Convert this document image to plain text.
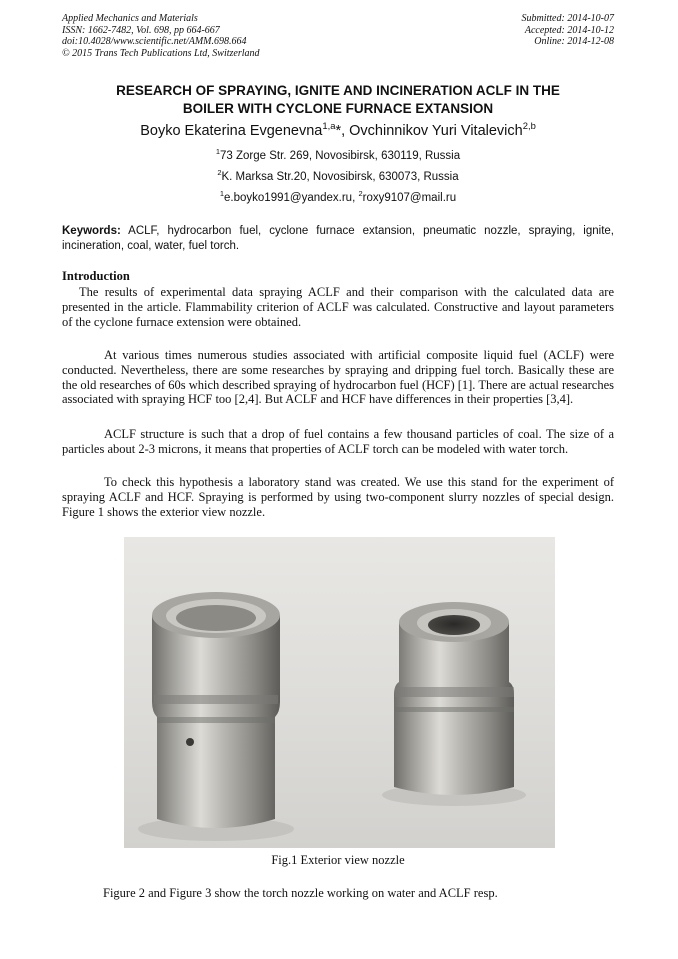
Applied Mechanics and Materials
ISSN: 1662-7482, Vol. 698, pp 664-667
doi:10.4028/www.scientific.net/AMM.698.664
© 2015 Trans Tech Publications Ltd, Switzerland
Submitted: 2014-10-07
Accepted: 2014-10-12
Online: 2014-12-08
RESEARCH OF SPRAYING, IGNITE AND INCINERATION ACLF IN THE
BOILER WITH CYCLONE FURNACE EXTANSION
Boyko Ekaterina Evgenevna$^{1,a}$*, Ovchinnikov Yuri Vitalevich$^{2,b}$
$^1$73 Zorge Str. 269, Novosibirsk, 630119, Russia
$^2$K. Marksa Str.20, Novosibirsk, 630073, Russia
$^1$e.boyko1991@yandex.ru, $^2$roxy9107@mail.ru
Keywords: ACLF, hydrocarbon fuel, cyclone furnace extansion, pneumatic nozzle, spraying, ignite, incineration, coal, water, fuel torch.
Introduction
The results of experimental data spraying ACLF and their comparison with the calculated data are presented in the article. Flammability criterion of ACLF was calculated. Constructive and layout parameters of the cyclone furnace extension were obtained.
At various times numerous studies associated with artificial composite liquid fuel (ACLF) were conducted. Nevertheless, there are some researches by spraying and dripping fuel torch. Basically these are the old researches of 60s which described spraying of hydrocarbon fuel (HCF) [1]. There are actual researches associated with spraying HCF too [2,4]. But ACLF and HCF have differences in their properties [3,4].
ACLF structure is such that a drop of fuel contains a few thousand particles of coal. The size of a particles about 2-3 microns, it means that properties of ACLF torch can be modeled with water torch.
To check this hypothesis a laboratory stand was created. We use this stand for the experiment of spraying ACLF and HCF. Spraying is performed by using two-component slurry nozzles of special design. Figure 1 shows the exterior view nozzle.
Fig.1 Exterior view nozzle
Figure 2 and Figure 3 show the torch nozzle working on water and ACLF resp.
